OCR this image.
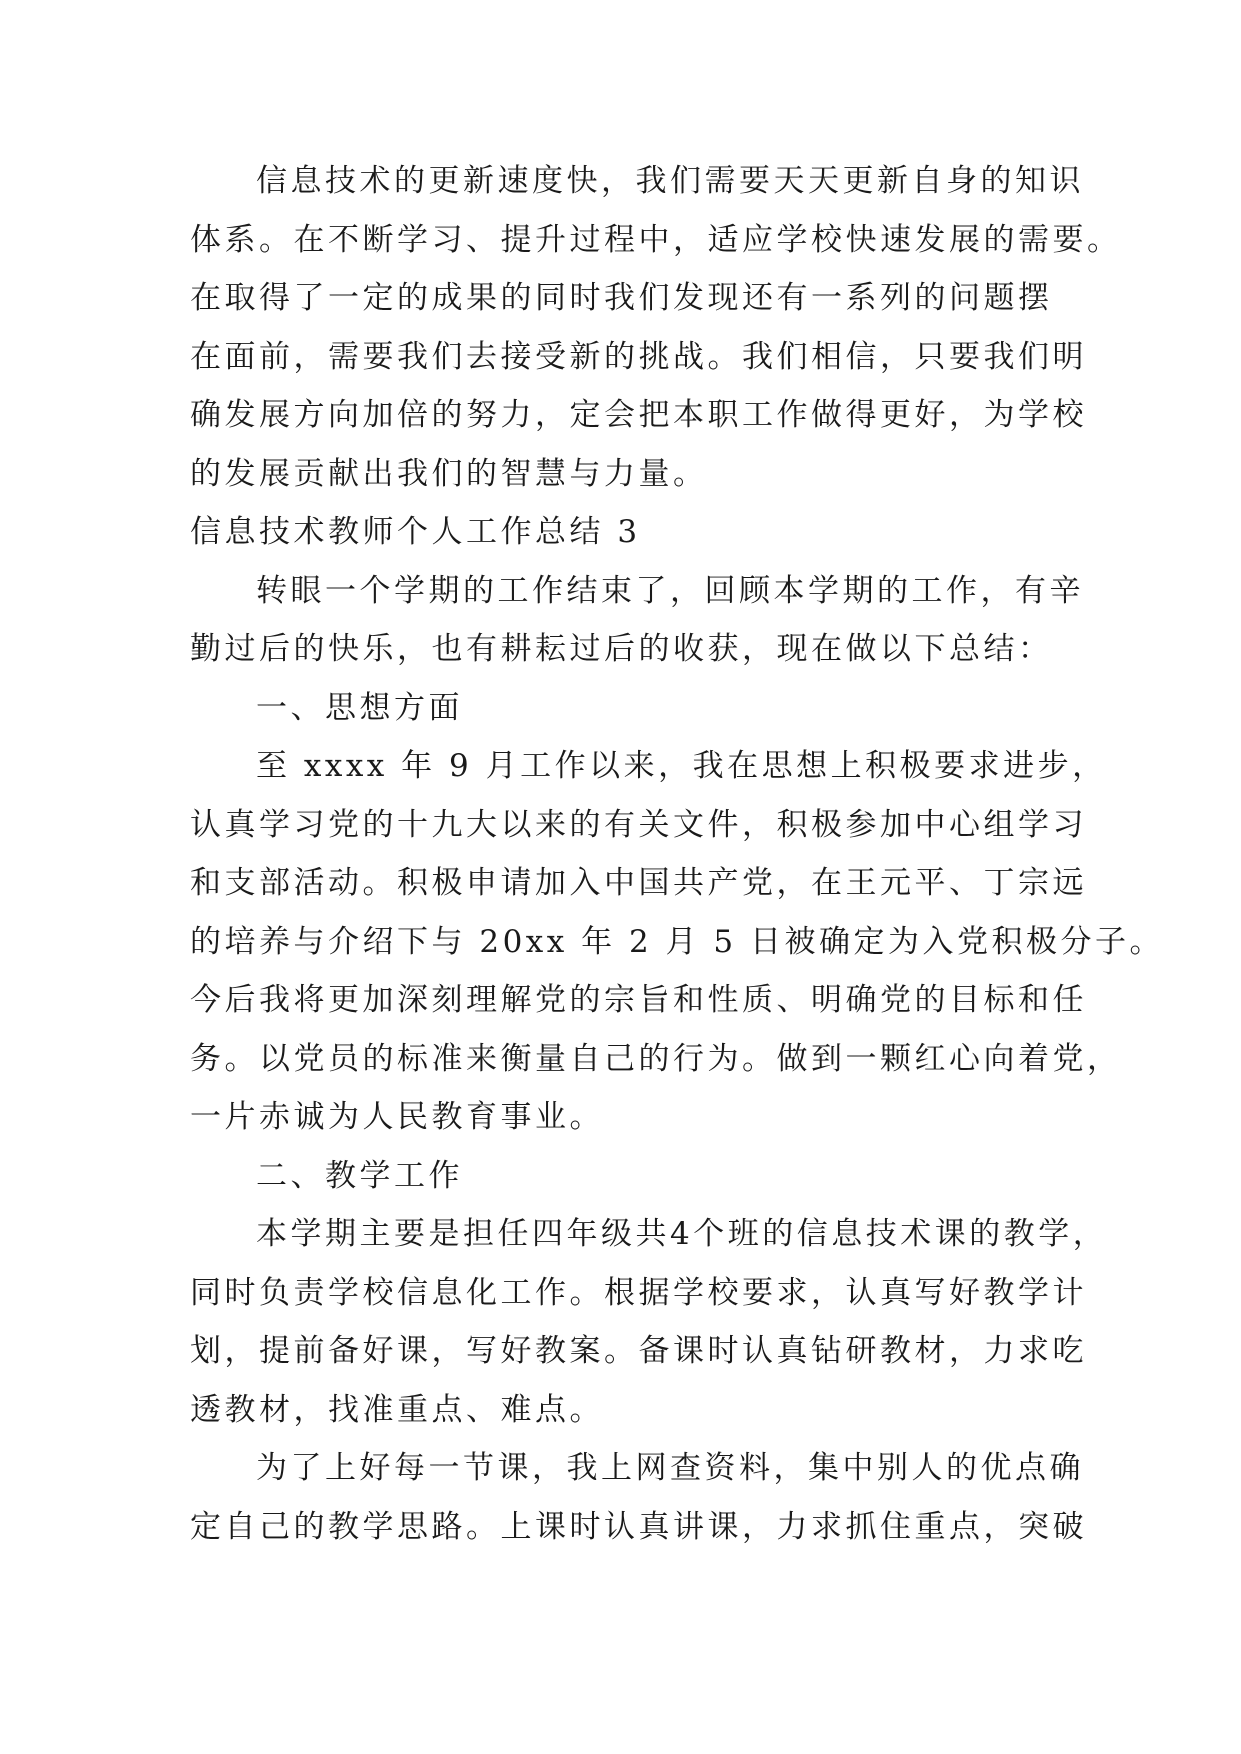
信息技术的更新速度快，我们需要天天更新自身的知识
体系。在不断学习、提升过程中，适应学校快速发展的需要。
在取得了一定的成果的同时我们发现还有一系列的问题摆
在面前，需要我们去接受新的挑战。我们相信，只要我们明
确发展方向加倍的努力，定会把本职工作做得更好，为学校
的发展贡献出我们的智慧与力量。
信息技术教师个人工作总结 3
转眼一个学期的工作结束了，回顾本学期的工作，有辛
勤过后的快乐，也有耕耘过后的收获，现在做以下总结：
一、思想方面
至 xxxx 年 9 月工作以来，我在思想上积极要求进步，
认真学习党的十九大以来的有关文件，积极参加中心组学习
和支部活动。积极申请加入中国共产党，在王元平、丁宗远
的培养与介绍下与 20xx 年 2 月 5 日被确定为入党积极分子。
今后我将更加深刻理解党的宗旨和性质、明确党的目标和任
务。以党员的标准来衡量自己的行为。做到一颗红心向着党，
一片赤诚为人民教育事业。
二、教学工作
本学期主要是担任四年级共4个班的信息技术课的教学，
同时负责学校信息化工作。根据学校要求，认真写好教学计
划，提前备好课，写好教案。备课时认真钻研教材，力求吃
透教材，找准重点、难点。
为了上好每一节课，我上网查资料，集中别人的优点确
定自己的教学思路。上课时认真讲课，力求抓住重点，突破
